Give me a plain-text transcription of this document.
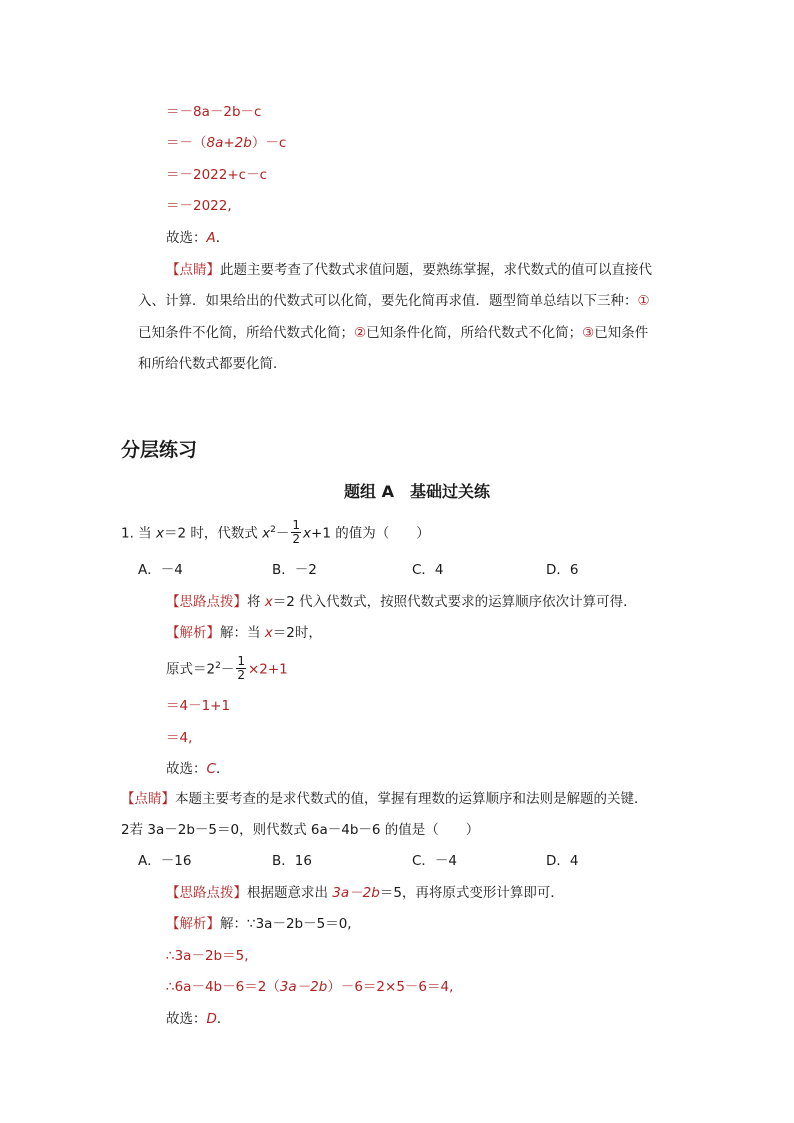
＝－8a－2b－c
＝－（8a+2b）－c
＝－2022+c－c
＝－2022,
故选：A．
【点睛】此题主要考查了代数式求值问题，要熟练掌握，求代数式的值可以直接代
入、计算．如果给出的代数式可以化简，要先化简再求值．题型简单总结以下三种：①
已知条件不化简，所给代数式化简；②已知条件化简，所给代数式不化简；③已知条件
和所给代数式都要化简．
分层练习
题组 A　基础过关练
1. 当 x＝2 时，代数式 $x^2- \frac{1}{2} x+1$ 的值为（　　）
A．－4	B．－2	C．4	D．6
【思路点拨】将 x＝2 代入代数式，按照代数式要求的运算顺序依次计算可得．
【解析】解：当 x＝2时，
原式$=2^2- \frac{1}{2} \times 2+1$
＝4－1+1
＝4,
故选：C．
【点睛】本题主要考查的是求代数式的值，掌握有理数的运算顺序和法则是解题的关键．
2若 3a－2b－5＝0，则代数式 6a－4b－6 的值是（　　）
A．－16	B．16	C．－4	D．4
【思路点拨】根据题意求出 3a－2b＝5，再将原式变形计算即可．
【解析】解：∵3a－2b－5＝0,
∴3a－2b＝5,
∴6a－4b－6＝2（3a－2b）－6＝2×5－6＝4,
故选：D．
